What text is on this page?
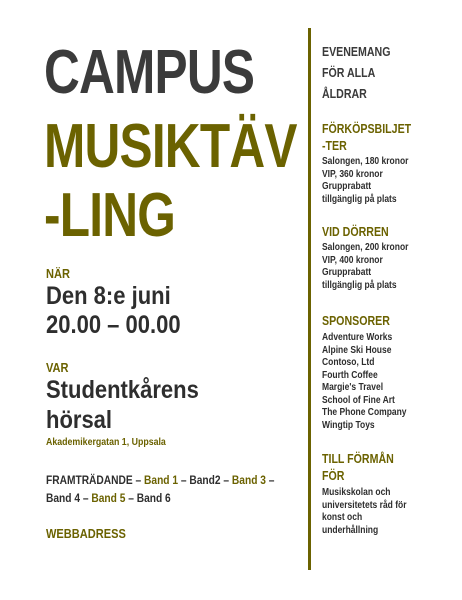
CAMPUS
MUSIKTÄV
-LING
NÄR
Den 8:e juni
20.00 – 00.00
VAR
Studentkårens
hörsal
Akademikergatan 1, Uppsala
FRAMTRÄDANDE – Band 1 – Band2 – Band 3 –
Band 4 – Band 5 – Band 6
WEBBADRESS
EVENEMANG
FÖR ALLA
ÅLDRAR
FÖRKÖPSBILJET
-TER
Salongen, 180 kronor
VIP, 360 kronor
Grupprabatt
tillgänglig på plats
VID DÖRREN
Salongen, 200 kronor
VIP, 400 kronor
Grupprabatt
tillgänglig på plats
SPONSORER
Adventure Works
Alpine Ski House
Contoso, Ltd
Fourth Coffee
Margie's Travel
School of Fine Art
The Phone Company
Wingtip Toys
TILL FÖRMÅN
FÖR
Musikskolan och
universitetets råd för
konst och
underhållning
